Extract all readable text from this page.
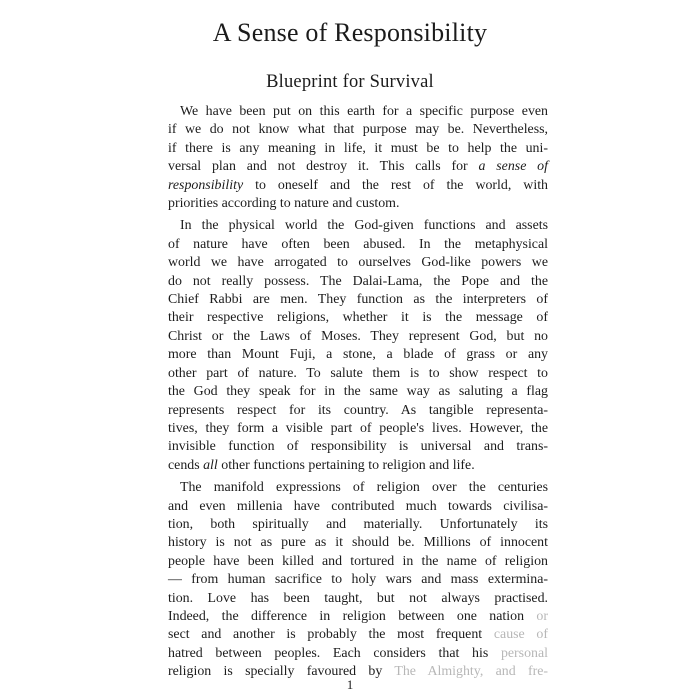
A Sense of Responsibility
Blueprint for Survival
We have been put on this earth for a specific purpose even
if we do not know what that purpose may be. Nevertheless,
if there is any meaning in life, it must be to help the uni-
versal plan and not destroy it. This calls for a sense of
responsibility to oneself and the rest of the world, with
priorities according to nature and custom.
In the physical world the God-given functions and assets
of nature have often been abused. In the metaphysical
world we have arrogated to ourselves God-like powers we
do not really possess. The Dalai-Lama, the Pope and the
Chief Rabbi are men. They function as the interpreters of
their respective religions, whether it is the message of
Christ or the Laws of Moses. They represent God, but no
more than Mount Fuji, a stone, a blade of grass or any
other part of nature. To salute them is to show respect to
the God they speak for in the same way as saluting a flag
represents respect for its country. As tangible representa-
tives, they form a visible part of people's lives. However, the
invisible function of responsibility is universal and trans-
cends all other functions pertaining to religion and life.
The manifold expressions of religion over the centuries
and even millenia have contributed much towards civilisa-
tion, both spiritually and materially. Unfortunately its
history is not as pure as it should be. Millions of innocent
people have been killed and tortured in the name of religion
— from human sacrifice to holy wars and mass extermina-
tion. Love has been taught, but not always practised.
Indeed, the difference in religion between one nation or
sect and another is probably the most frequent cause of
hatred between peoples. Each considers that his personal
religion is specially favoured by The Almighty, and fre-
1
